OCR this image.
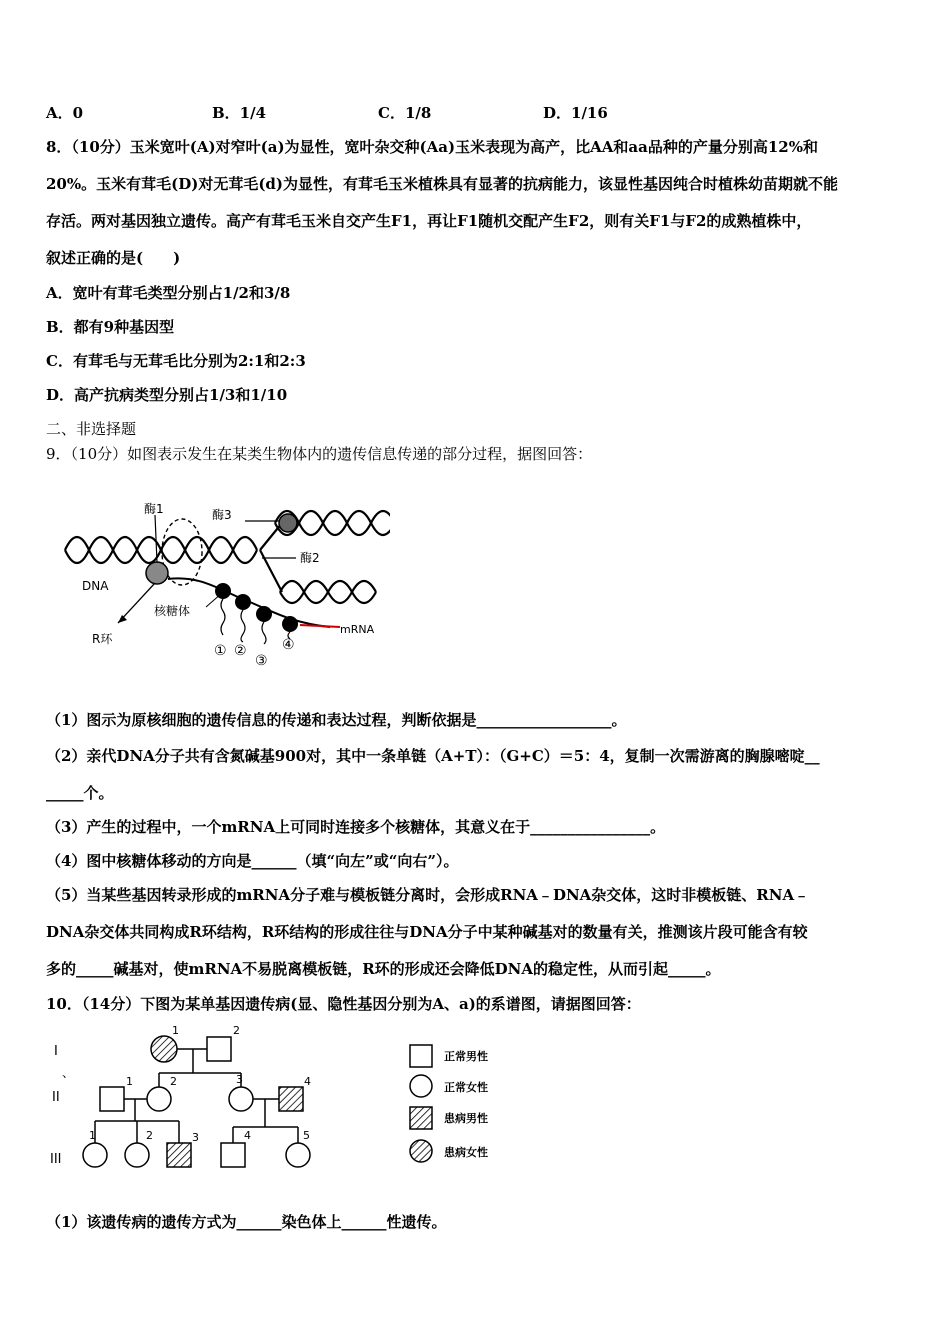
A．0	B．1/4	C．1/8	D．1/16
8．（10分）玉米宽叶(A)对窄叶(a)为显性，宽叶杂交种(Aa)玉米表现为高产，比AA和aa品种的产量分别高12%和
20%。玉米有茸毛(D)对无茸毛(d)为显性，有茸毛玉米植株具有显著的抗病能力，该显性基因纯合时植株幼苗期就不能
存活。两对基因独立遗传。高产有茸毛玉米自交产生F1，再让F1随机交配产生F2，则有关F1与F2的成熟植株中，
叙述正确的是(　　)
A．宽叶有茸毛类型分别占1/2和3/8
B．都有9种基因型
C．有茸毛与无茸毛比分别为2:1和2:3
D．高产抗病类型分别占1/3和1/10
二、非选择题
9．（10分）如图表示发生在某类生物体内的遗传信息传递的部分过程，据图回答：
酶1	酶3
酶2
DNA
核糖体
R环
mRNA
① ②
③
④
（1）图示为原核细胞的遗传信息的传递和表达过程，判断依据是__________________。
（2）亲代DNA分子共有含氮碱基900对，其中一条单链（A+T）：（G+C）＝5：4，复制一次需游离的胸腺嘧啶__
_____个。
（3）产生的过程中，一个mRNA上可同时连接多个核糖体，其意义在于________________。
（4）图中核糖体移动的方向是______（填“向左”或“向右”）。
（5）当某些基因转录形成的mRNA分子难与模板链分离时，会形成RNA﹣DNA杂交体，这时非模板链、RNA﹣
DNA杂交体共同构成R环结构，R环结构的形成往往与DNA分子中某种碱基对的数量有关，推测该片段可能含有较
多的_____碱基对，使mRNA不易脱离模板链，R环的形成还会降低DNA的稳定性，从而引起_____。
10．（14分）下图为某单基因遗传病(显、隐性基因分别为A、a)的系谱图，请据图回答：
I
、
II
III
1	2
1	2	3	4
1	2	3	4	5
正常男性
正常女性
患病男性
患病女性
（1）该遗传病的遗传方式为______染色体上______性遗传。
